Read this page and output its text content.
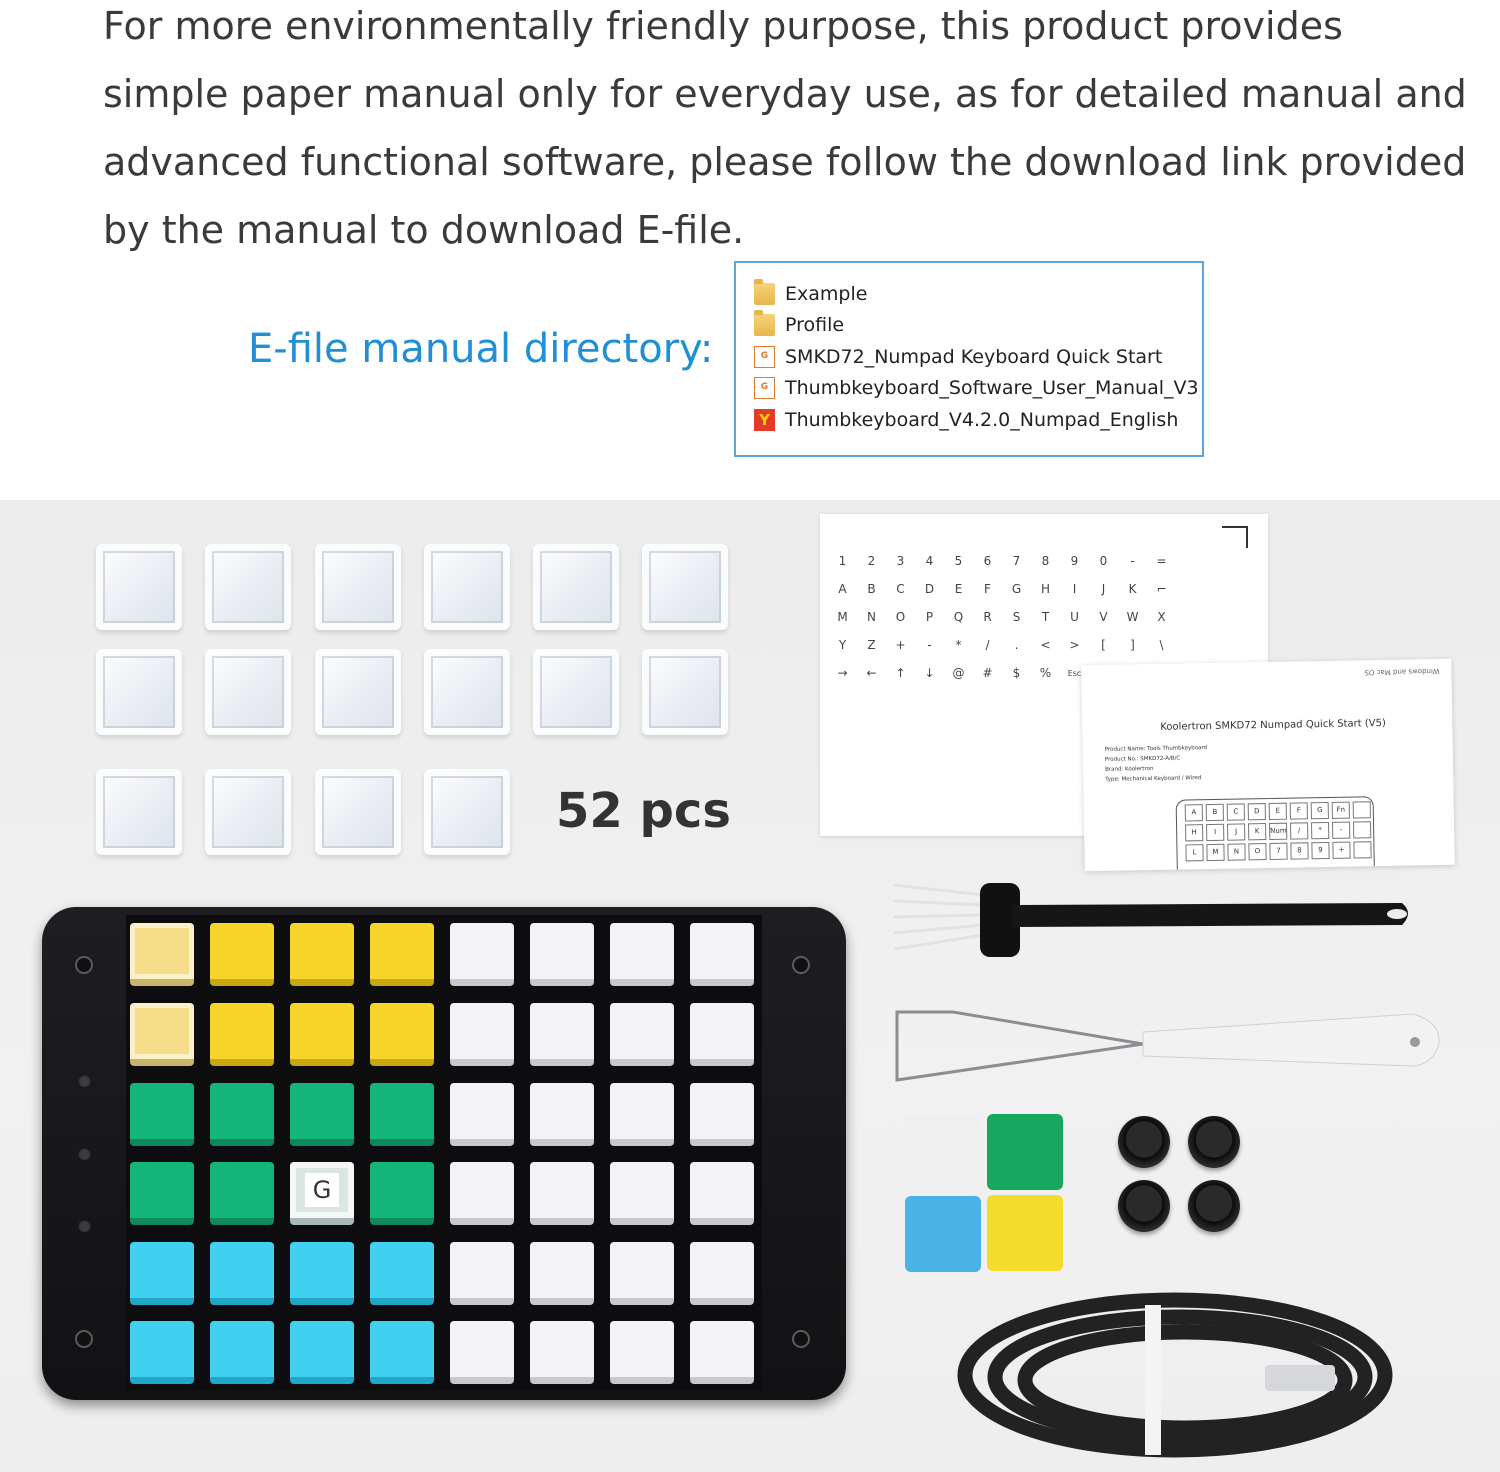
For more environmentally friendly purpose, this product provides simple paper manual only for everyday use, as for detailed manual and advanced functional software, please follow the download link provided by the manual to download E-file.

E-file manual directory:
Example
Profile
G SMKD72_Numpad Keyboard Quick Start
G Thumbkeyboard_Software_User_Manual_V3
Y Thumbkeyboard_V4.2.0_Numpad_English
52 pcs
1	2	3	4	5	6	7	8	9	0	-	=
A	B	C	D	E	F	G	H	I	J	K	⌐
M	N	O	P	Q	R	S	T	U	V	W	X
Y	Z	+	-	*	/	.	<	>	[	]	\
→	←	↑	↓	@	#	$	%	Esc	Windows and Mac OS
Koolertron SMKD72 Numpad Quick Start (V5)
Product Name: Tools Thumbkeyboard
Product No.: SMKD72-A/B/C
Brand: Koolertron
Type: Mechanical Keyboard / Wired
A	B	C	D	E	F	G	Fn
H	I	J	K	Num	/	*	-
L	M	N	O	7	8	9	+
G
